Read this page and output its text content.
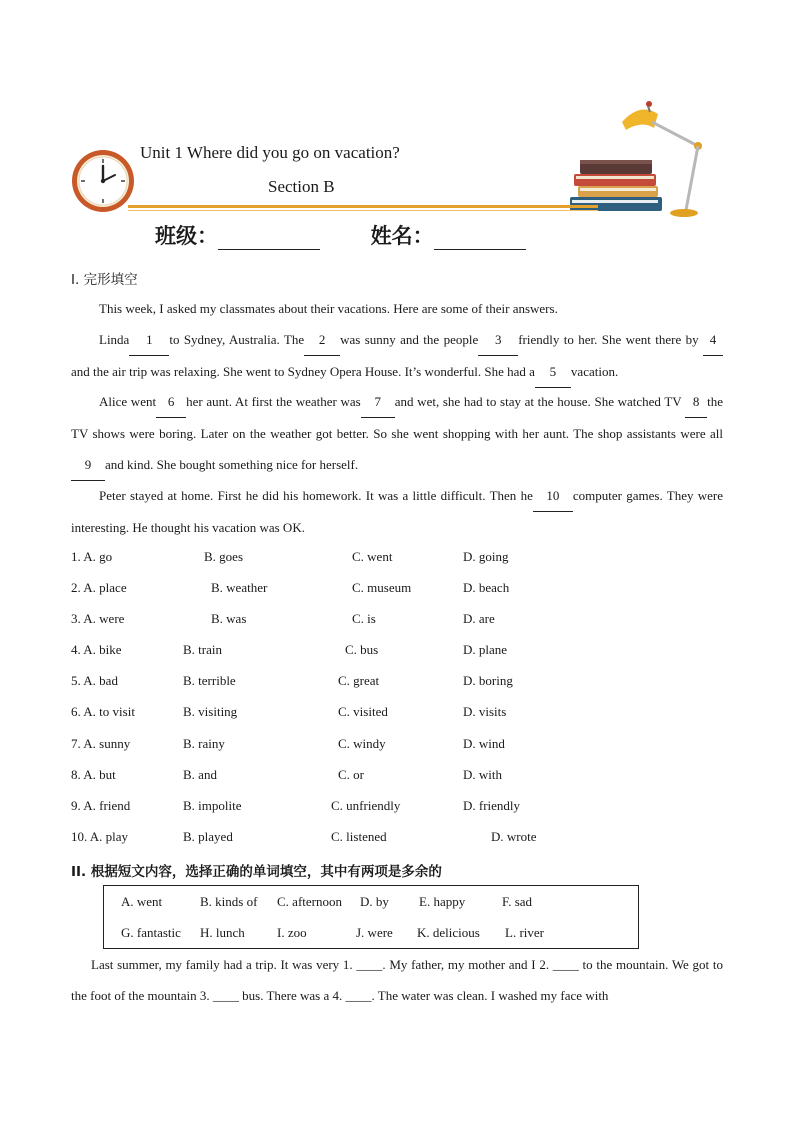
Unit 1 Where did you go on vacation?
Section B
班级：	姓名：
I. 完形填空
This week, I asked my classmates about their vacations. Here are some of their answers.
Linda 1 to Sydney, Australia. The 2 was sunny and the people 3 friendly to her. She went there by 4and the air trip was relaxing. She went to Sydney Opera House. It’s wonderful. She had a 5 vacation.
Alice went 6 her aunt. At first the weather was 7 and wet, she had to stay at the house. She watched TV 8 the TV shows were boring. Later on the weather got better. So she went shopping with her aunt. The shop assistants were all9 and kind. She bought something nice for herself.
Peter stayed at home. First he did his homework. It was a little difficult. Then he 10 computer games. They were interesting. He thought his vacation was OK.
1. A. go	B. goes	C. went	D. going
2. A. place	B. weather	C. museum	D. beach
3. A. were	B. was	C. is	D. are
4. A. bike	B. train	C. bus	D. plane
5. A. bad	B. terrible	C. great	D. boring
6. A. to visit	B. visiting	C. visited	D. visits
7. A. sunny	B. rainy	C. windy	D. wind
8. A. but	B. and	C. or	D. with
9. A. friend	B. impolite	C. unfriendly	D. friendly
10. A. play	B. played	C. listened	D. wrote
II. 根据短文内容，选择正确的单词填空，其中有两项是多余的
A. went	B. kinds of C. afternoon D. by E. happy	F. sad
G. fantastic H. lunch I. zoo	J. were K. delicious L. river
Last summer, my family had a trip. It was very 1. ____. My father, my mother and I 2. ____ to the mountain. We got to the foot of the mountain 3. ____ bus. There was a 4. ____. The water was clean. I washed my face with
